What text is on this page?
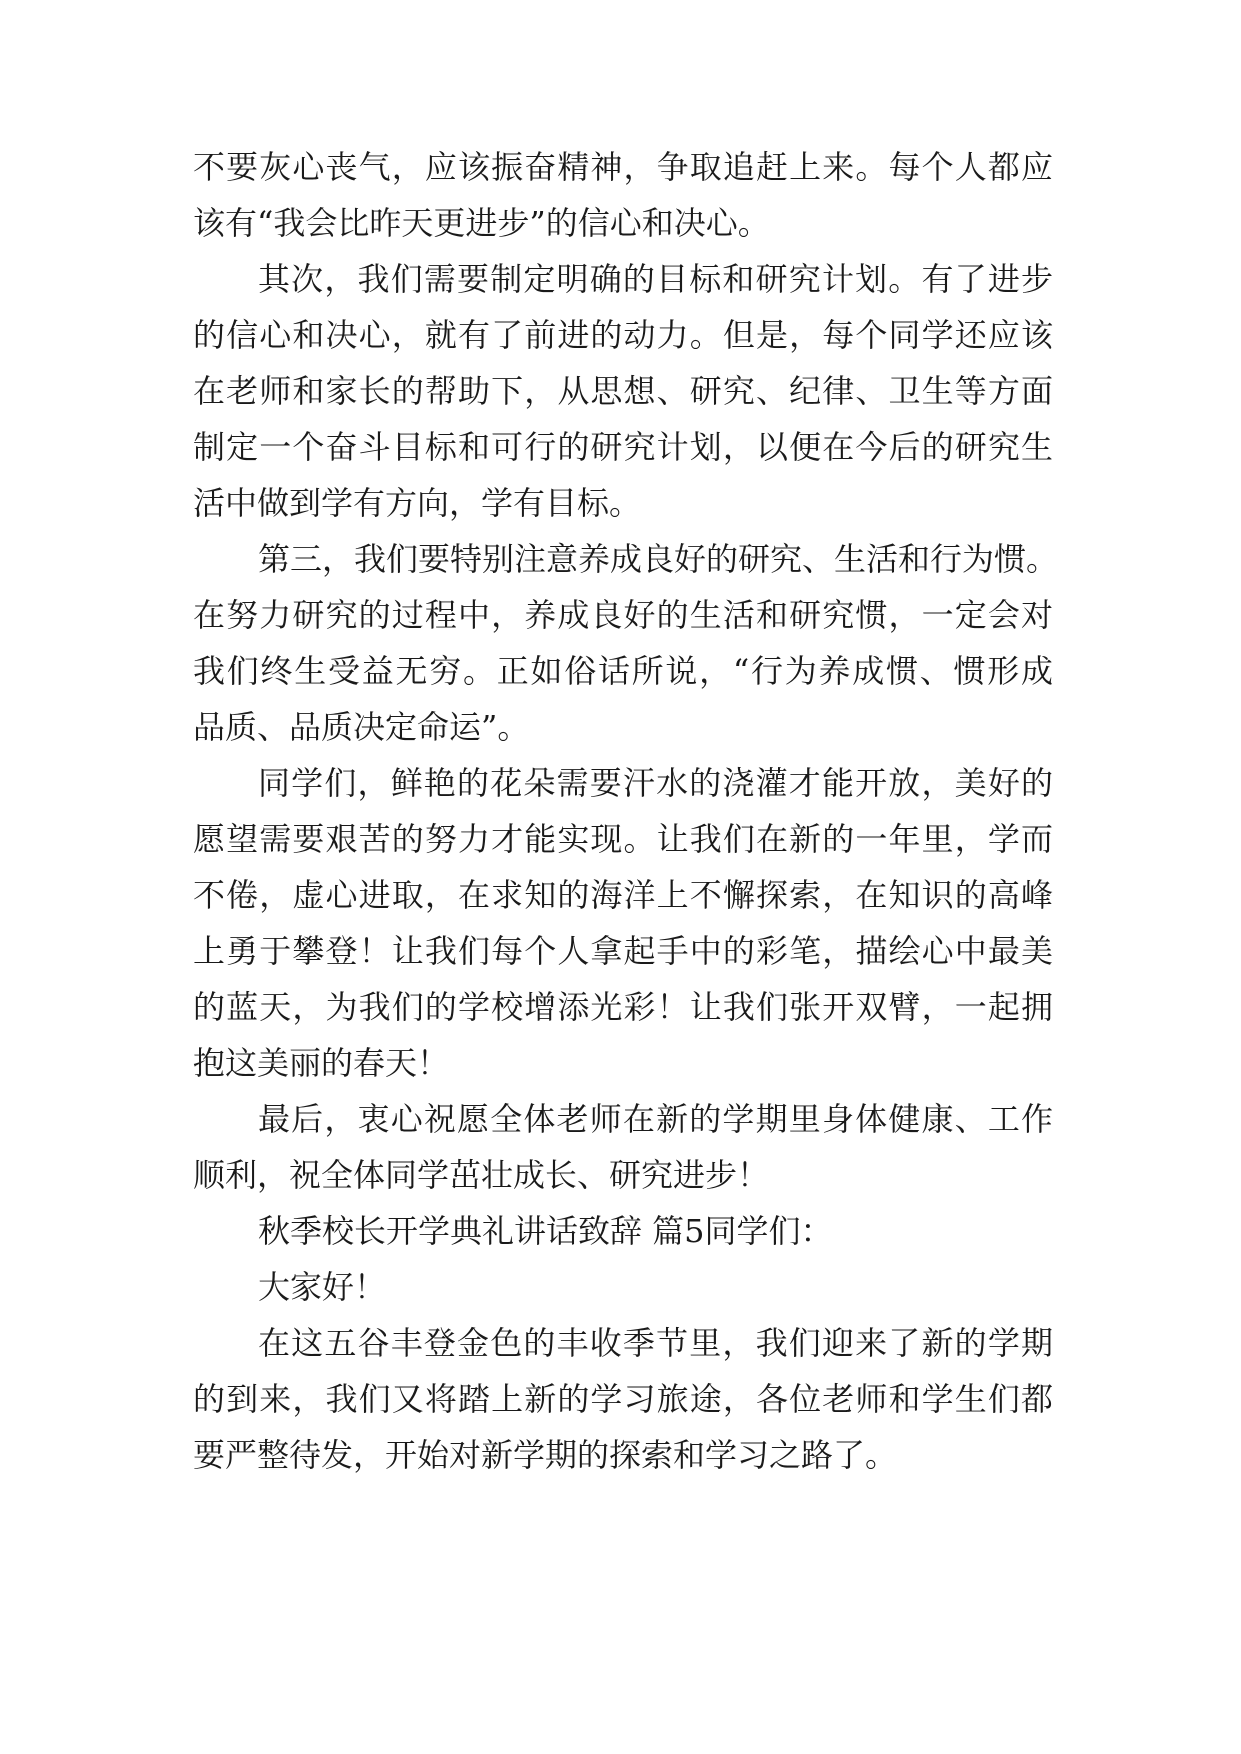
不要灰心丧气，应该振奋精神，争取追赶上来。每个人都应
该有“我会比昨天更进步”的信心和决心。
其次，我们需要制定明确的目标和研究计划。有了进步
的信心和决心，就有了前进的动力。但是，每个同学还应该
在老师和家长的帮助下，从思想、研究、纪律、卫生等方面
制定一个奋斗目标和可行的研究计划，以便在今后的研究生
活中做到学有方向，学有目标。
第三，我们要特别注意养成良好的研究、生活和行为惯。
在努力研究的过程中，养成良好的生活和研究惯，一定会对
我们终生受益无穷。正如俗话所说，“行为养成惯、惯形成
品质、品质决定命运”。
同学们，鲜艳的花朵需要汗水的浇灌才能开放，美好的
愿望需要艰苦的努力才能实现。让我们在新的一年里，学而
不倦，虚心进取，在求知的海洋上不懈探索，在知识的高峰
上勇于攀登！让我们每个人拿起手中的彩笔，描绘心中最美
的蓝天，为我们的学校增添光彩！让我们张开双臂，一起拥
抱这美丽的春天！
最后，衷心祝愿全体老师在新的学期里身体健康、工作
顺利，祝全体同学茁壮成长、研究进步！
秋季校长开学典礼讲话致辞 篇5同学们：
大家好！
在这五谷丰登金色的丰收季节里，我们迎来了新的学期
的到来，我们又将踏上新的学习旅途，各位老师和学生们都
要严整待发，开始对新学期的探索和学习之路了。
